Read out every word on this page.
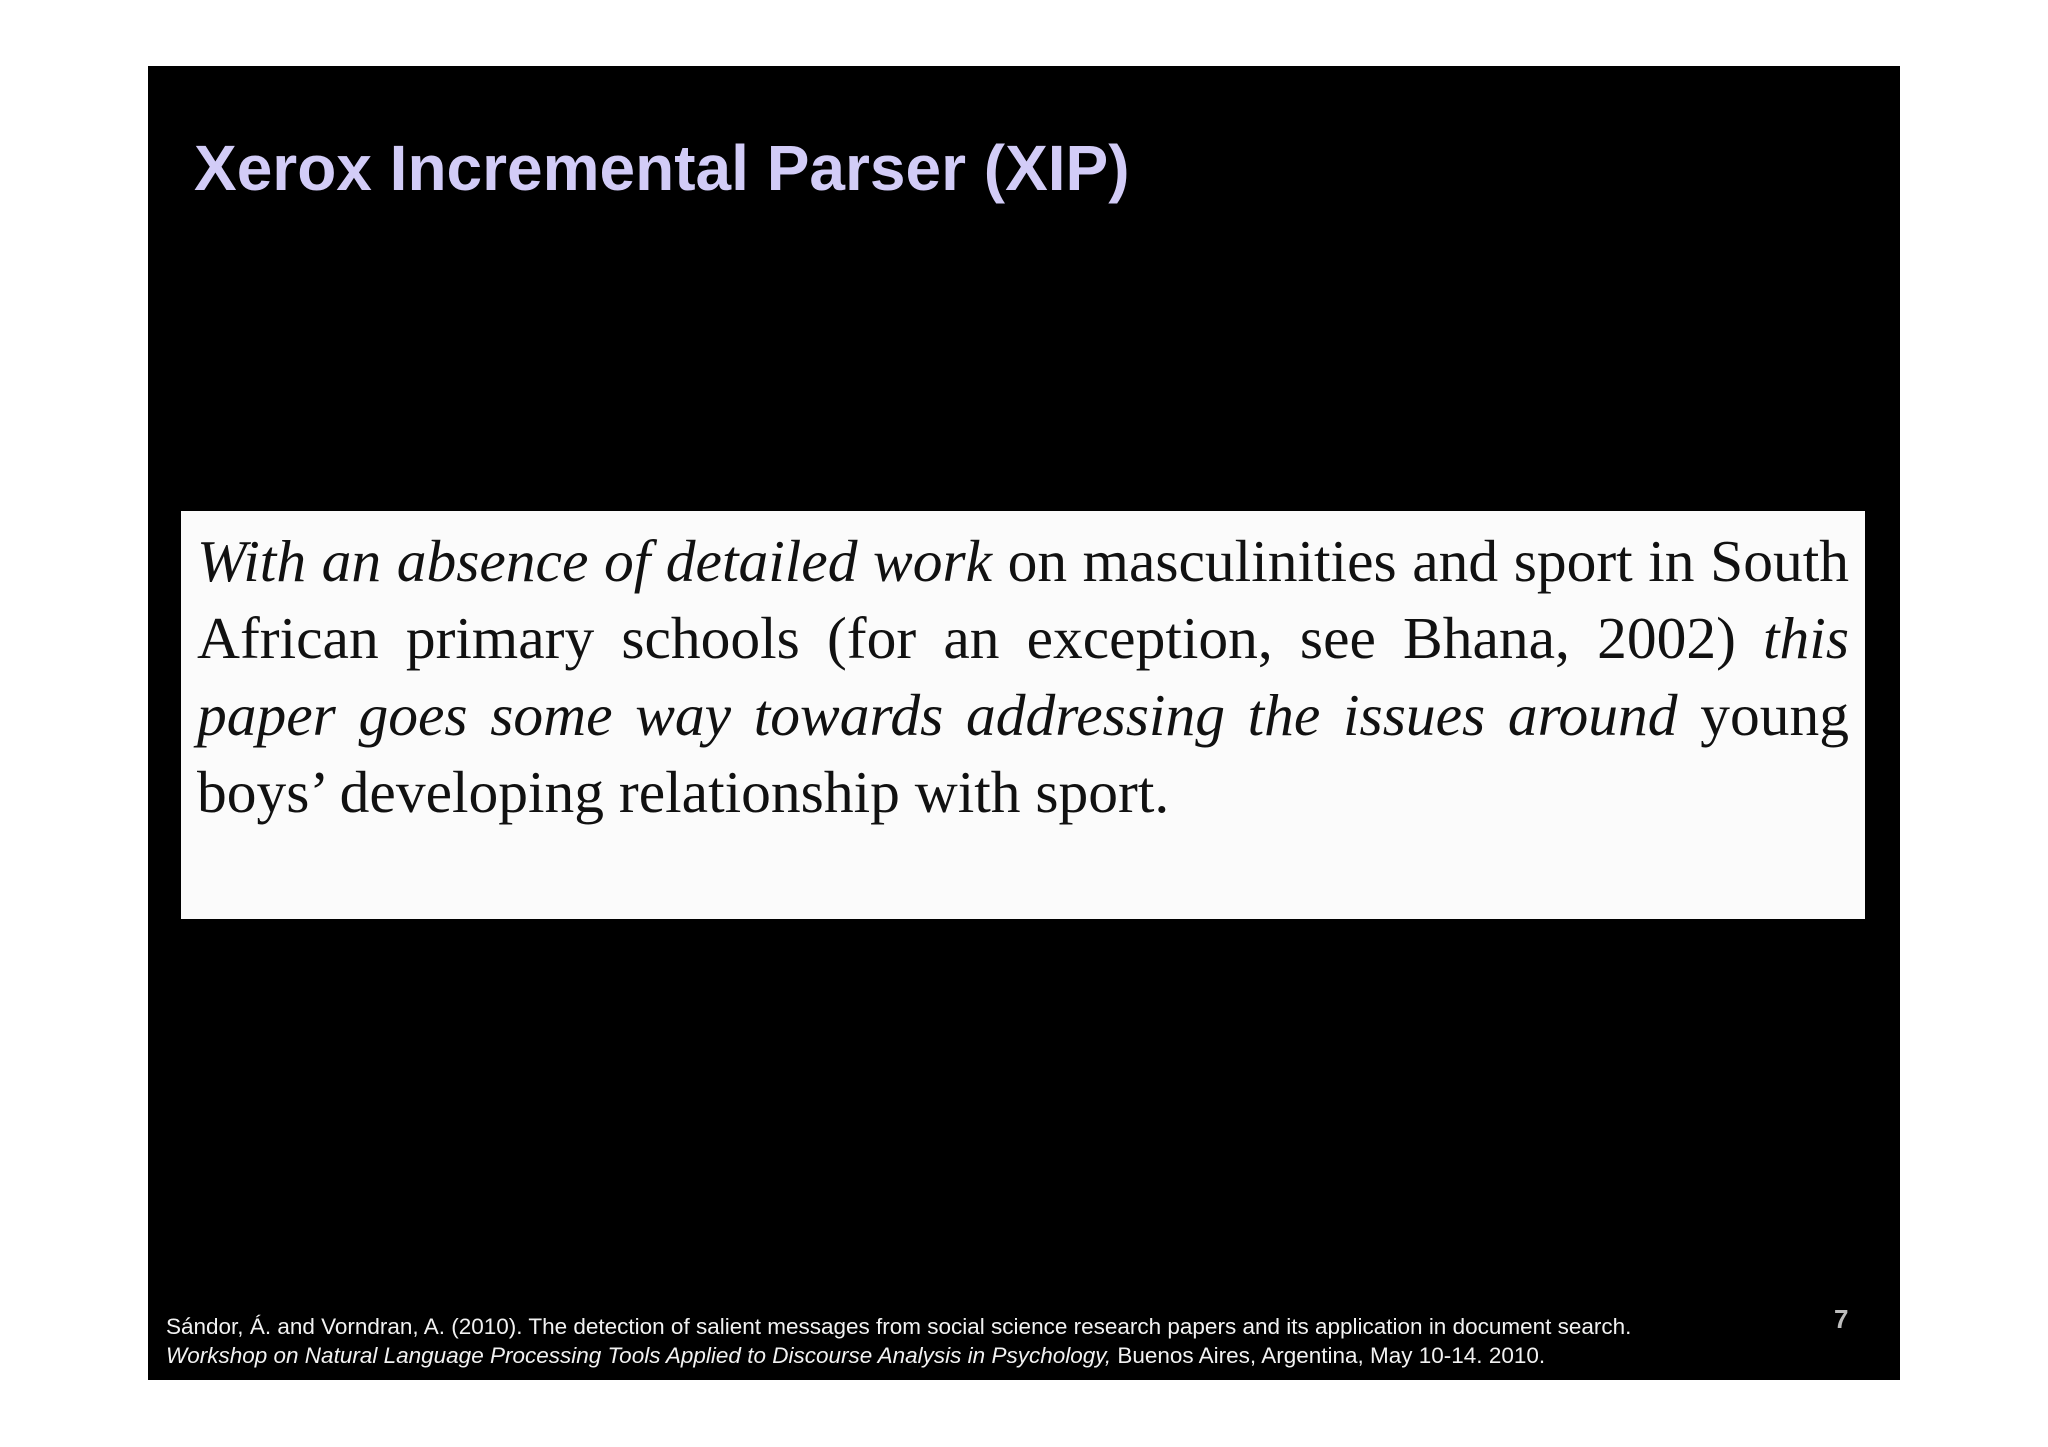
Xerox Incremental Parser (XIP)

With an absence of detailed work on masculinities and sport in South African primary schools (for an exception, see Bhana, 2002) this paper goes some way towards addressing the issues around young boys’ developing relationship with sport.

Sándor, Á. and Vorndran, A. (2010). The detection of salient messages from social science research papers and its application in document search.
Workshop on Natural Language Processing Tools Applied to Discourse Analysis in Psychology, Buenos Aires, Argentina, May 10-14. 2010.

7
